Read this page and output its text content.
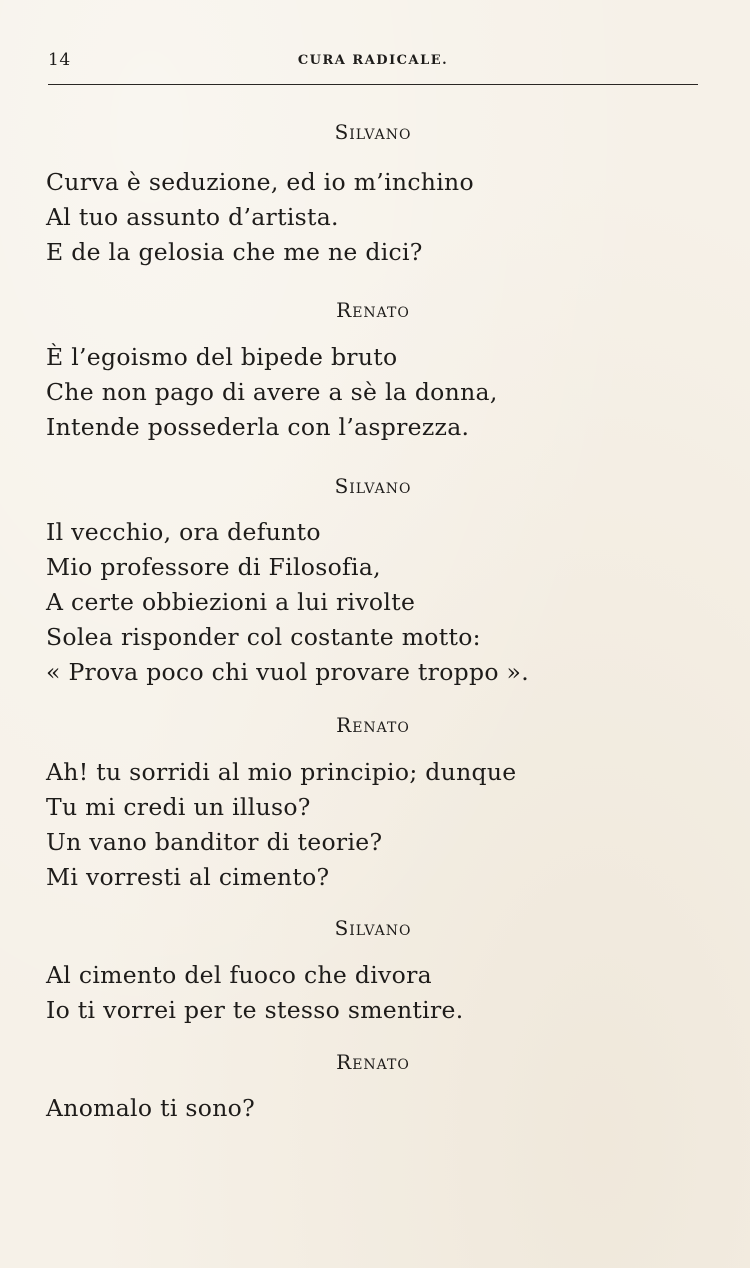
14	CURA RADICALE.
Silvano
Curva è seduzione, ed io m’inchino
Al tuo assunto d’artista.
E de la gelosia che me ne dici?
Renato
È l’egoismo del bipede bruto
Che non pago di avere a sè la donna,
Intende possederla con l’asprezza.
Silvano
Il vecchio, ora defunto
Mio professore di Filosofia,
A certe obbiezioni a lui rivolte
Solea risponder col costante motto:
« Prova poco chi vuol provare troppo ».
Renato
Ah! tu sorridi al mio principio; dunque
Tu mi credi un illuso?
Un vano banditor di teorie?
Mi vorresti al cimento?
Silvano
Al cimento del fuoco che divora
Io ti vorrei per te stesso smentire.
Renato
Anomalo ti sono?
